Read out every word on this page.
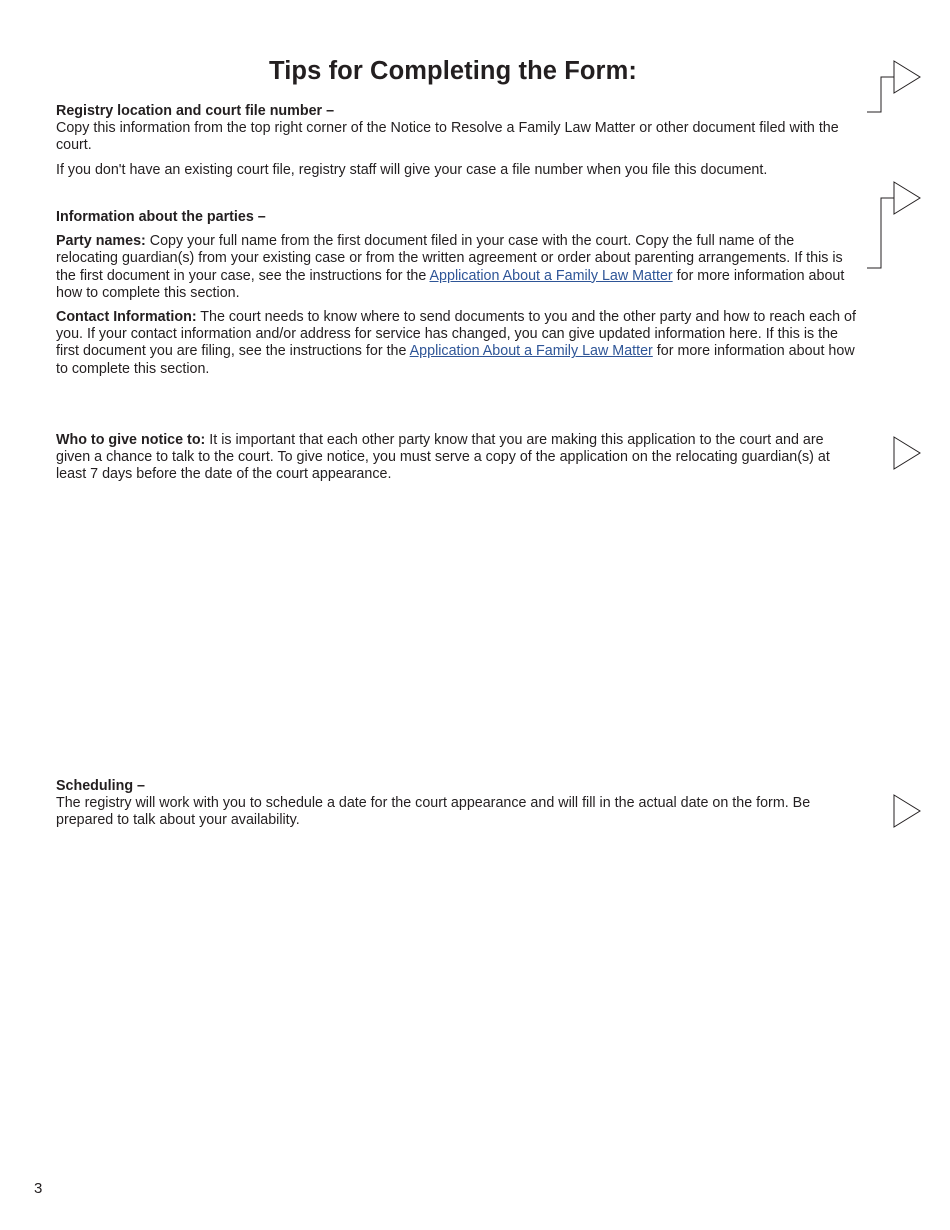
Tips for Completing the Form:

Registry location and court file number –

Copy this information from the top right corner of the Notice to Resolve a Family Law Matter or other document filed with the court.

If you don't have an existing court file, registry staff will give your case a file number when you file this document.

Information about the parties –

Party names: Copy your full name from the first document filed in your case with the court. Copy the full name of the relocating guardian(s) from your existing case or from the written agreement or order about parenting arrangements. If this is the first document in your case, see the instructions for the Application About a Family Law Matter for more information about how to complete this section.

Contact Information: The court needs to know where to send documents to you and the other party and how to reach each of you. If your contact information and/or address for service has changed, you can give updated information here. If this is the first document you are filing, see the instructions for the Application About a Family Law Matter for more information about how to complete this section.

Who to give notice to: It is important that each other party know that you are making this application to the court and are given a chance to talk to the court. To give notice, you must serve a copy of the application on the relocating guardian(s) at least 7 days before the date of the court appearance.

Scheduling –

The registry will work with you to schedule a date for the court appearance and will fill in the actual date on the form. Be prepared to talk about your availability.

3
